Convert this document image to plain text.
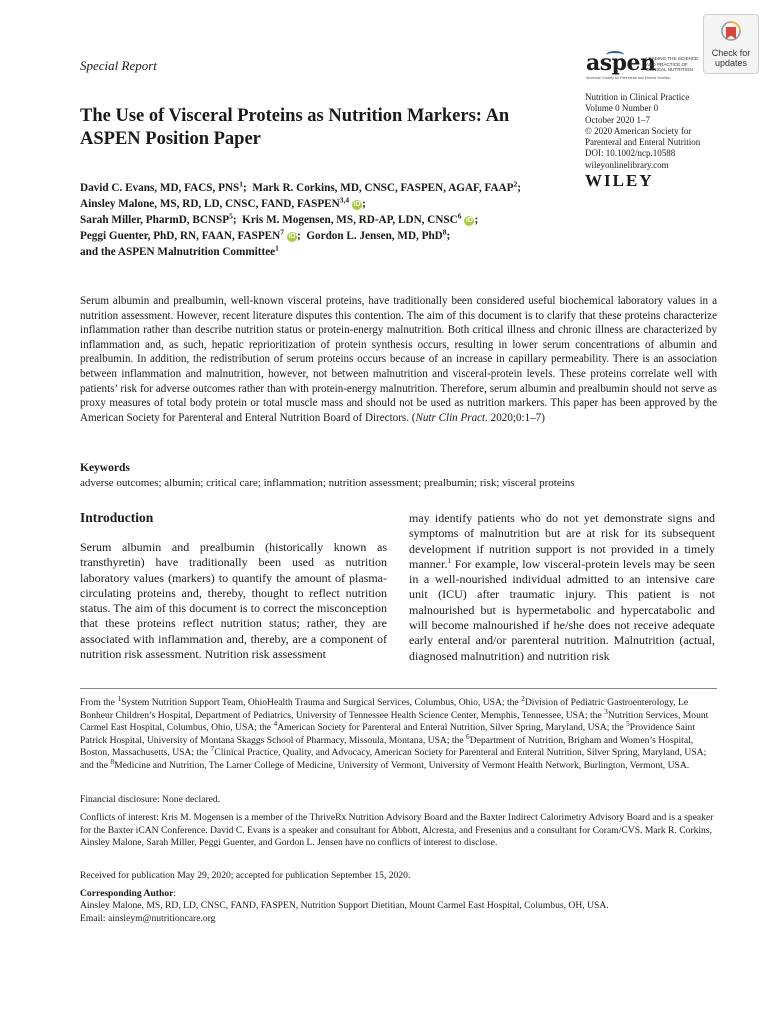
Special Report	aspen
LEADING THE SCIENCE AND PRACTICE OF CLINICAL NUTRITION
American Society for Parenteral and Enteral Nutrition
Check for
updates
The Use of Visceral Proteins as Nutrition Markers: An ASPEN Position Paper
Nutrition in Clinical Practice
Volume 0 Number 0
October 2020 1–7
© 2020 American Society for
Parenteral and Enteral Nutrition
DOI: 10.1002/ncp.10588
wileyonlinelibrary.com
WILEY
David C. Evans, MD, FACS, PNS$^1$;  Mark R. Corkins, MD, CNSC, FASPEN, AGAF, FAAP$^2$;  Ainsley Malone, MS, RD, LD, CNSC, FAND, FASPEN$^{3,4}$iD ;
Sarah Miller, PharmD, BCNSP$^5$;  Kris M. Mogensen, MS, RD-AP, LDN, CNSC$^6$iD ;
Peggi Guenter, PhD, RN, FAAN, FASPEN$^7$iD ;  Gordon L. Jensen, MD, PhD$^8$;
and the ASPEN Malnutrition Committee$^1$
Serum albumin and prealbumin, well-known visceral proteins, have traditionally been considered useful biochemical laboratory values in a nutrition assessment. However, recent literature disputes this contention. The aim of this document is to clarify that these proteins characterize inflammation rather than describe nutrition status or protein-energy malnutrition. Both critical illness and chronic illness are characterized by inflammation and, as such, hepatic reprioritization of protein synthesis occurs, resulting in lower serum concentrations of albumin and prealbumin. In addition, the redistribution of serum proteins occurs because of an increase in capillary permeability. There is an association between inflammation and malnutrition, however, not between malnutrition and visceral-protein levels. These proteins correlate well with patients’ risk for adverse outcomes rather than with protein-energy malnutrition. Therefore, serum albumin and prealbumin should not serve as proxy measures of total body protein or total muscle mass and should not be used as nutrition markers. This paper has been approved by the American Society for Parenteral and Enteral Nutrition Board of Directors. (Nutr Clin Pract. 2020;0:1–7)
Keywords
adverse outcomes; albumin; critical care; inflammation; nutrition assessment; prealbumin; risk; visceral proteins
Introduction
Serum albumin and prealbumin (historically known as transthyretin) have traditionally been used as nutrition laboratory values (markers) to quantify the amount of plasma-circulating proteins and, thereby, thought to reflect nutrition status. The aim of this document is to correct the misconception that these proteins reflect nutrition status; rather, they are associated with inflammation and, thereby, are a component of nutrition risk assessment. Nutrition risk assessment
may identify patients who do not yet demonstrate signs and symptoms of malnutrition but are at risk for its subsequent development if nutrition support is not provided in a timely manner.$^1$ For example, low visceral-protein levels may be seen in a well-nourished individual admitted to an intensive care unit (ICU) after traumatic injury. This patient is not malnourished but is hypermetabolic and hypercatabolic and will become malnourished if he/she does not receive adequate early enteral and/or parenteral nutrition. Malnutrition (actual, diagnosed malnutrition) and nutrition risk
From the $^1$System Nutrition Support Team, OhioHealth Trauma and Surgical Services, Columbus, Ohio, USA; the $^2$Division of Pediatric Gastroenterology, Le Bonheur Children’s Hospital, Department of Pediatrics, University of Tennessee Health Science Center, Memphis, Tennessee, USA; the $^3$Nutrition Services, Mount Carmel East Hospital, Columbus, Ohio, USA; the $^4$American Society for Parenteral and Enteral Nutrition, Silver Spring, Maryland, USA; the $^5$Providence Saint Patrick Hospital, University of Montana Skaggs School of Pharmacy, Missoula, Montana, USA; the $^6$Department of Nutrition, Brigham and Women’s Hospital, Boston, Massachusetts, USA; the $^7$Clinical Practice, Quality, and Advocacy, American Society for Parenteral and Enteral Nutrition, Silver Spring, Maryland, USA; and the $^8$Medicine and Nutrition, The Larner College of Medicine, University of Vermont, University of Vermont Health Network, Burlington, Vermont, USA.
Financial disclosure: None declared.
Conflicts of interest: Kris M. Mogensen is a member of the ThriveRx Nutrition Advisory Board and the Baxter Indirect Calorimetry Advisory Board and is a speaker for the Baxter iCAN Conference. David C. Evans is a speaker and consultant for Abbott, Alcresta, and Fresenius and a consultant for Coram/CVS. Mark R. Corkins, Ainsley Malone, Sarah Miller, Peggi Guenter, and Gordon L. Jensen have no conflicts of interest to disclose.
Received for publication May 29, 2020; accepted for publication September 15, 2020.
Corresponding Author:
Ainsley Malone, MS, RD, LD, CNSC, FAND, FASPEN, Nutrition Support Dietitian, Mount Carmel East Hospital, Columbus, OH, USA.
Email: ainsleym@nutritioncare.org
